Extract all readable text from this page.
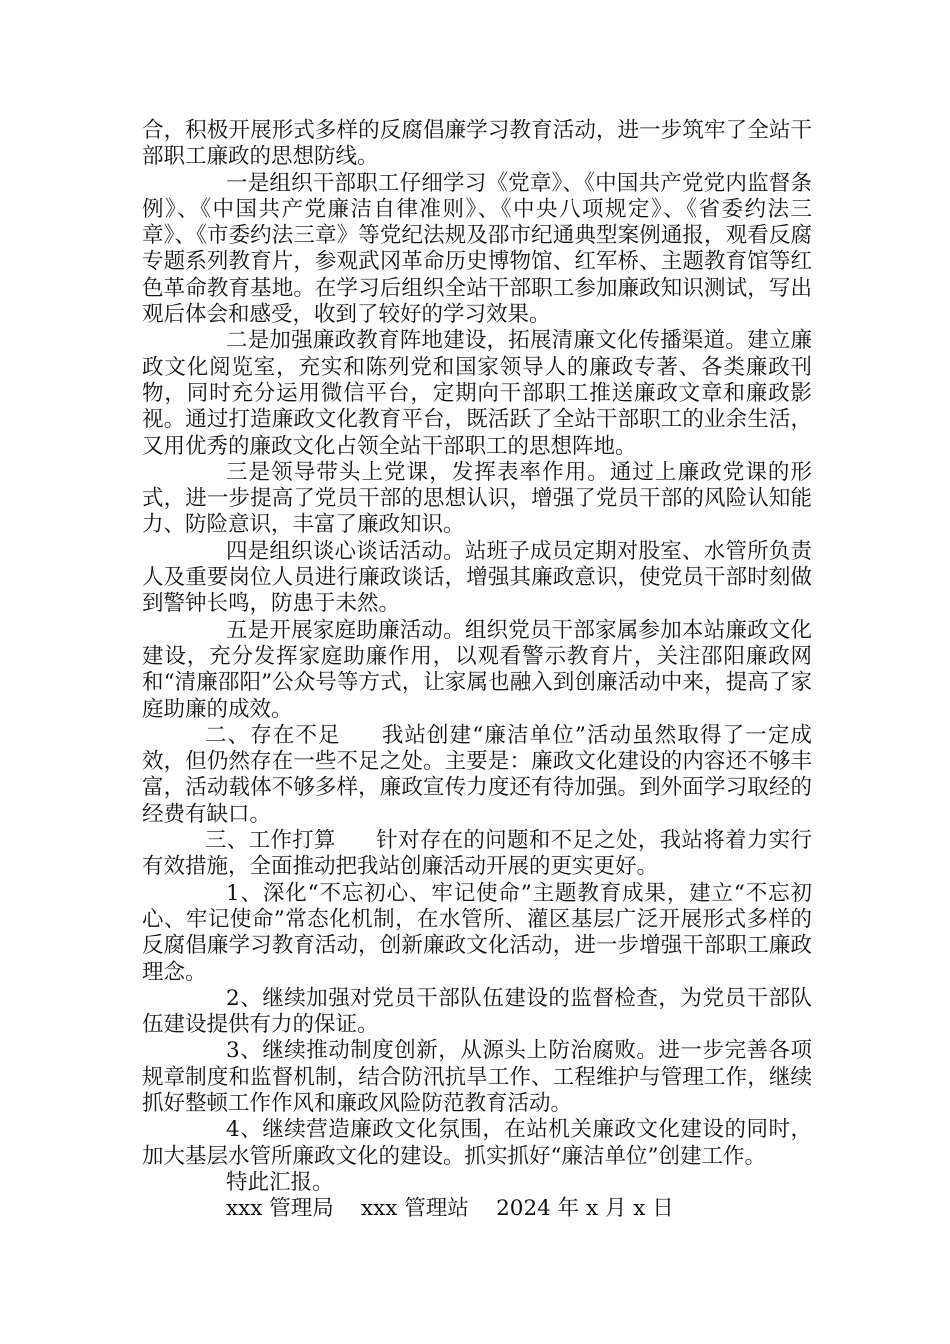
合，积极开展形式多样的反腐倡廉学习教育活动，进一步筑牢了全站干部职工廉政的思想防线。

一是组织干部职工仔细学习《党章》、《中国共产党党内监督条例》、《中国共产党廉洁自律准则》、《中央八项规定》、《省委约法三章》、《市委约法三章》等党纪法规及邵市纪通典型案例通报，观看反腐专题系列教育片，参观武冈革命历史博物馆、红军桥、主题教育馆等红色革命教育基地。在学习后组织全站干部职工参加廉政知识测试，写出观后体会和感受，收到了较好的学习效果。

二是加强廉政教育阵地建设，拓展清廉文化传播渠道。建立廉政文化阅览室，充实和陈列党和国家领导人的廉政专著、各类廉政刊物，同时充分运用微信平台，定期向干部职工推送廉政文章和廉政影视。通过打造廉政文化教育平台，既活跃了全站干部职工的业余生活，又用优秀的廉政文化占领全站干部职工的思想阵地。

三是领导带头上党课，发挥表率作用。通过上廉政党课的形式，进一步提高了党员干部的思想认识，增强了党员干部的风险认知能力、防险意识，丰富了廉政知识。

四是组织谈心谈话活动。站班子成员定期对股室、水管所负责人及重要岗位人员进行廉政谈话，增强其廉政意识，使党员干部时刻做到警钟长鸣，防患于未然。

五是开展家庭助廉活动。组织党员干部家属参加本站廉政文化建设，充分发挥家庭助廉作用，以观看警示教育片，关注邵阳廉政网和“清廉邵阳”公众号等方式，让家属也融入到创廉活动中来，提高了家庭助廉的成效。

二、存在不足 我站创建“廉洁单位”活动虽然取得了一定成效，但仍然存在一些不足之处。主要是：廉政文化建设的内容还不够丰富，活动载体不够多样，廉政宣传力度还有待加强。到外面学习取经的经费有缺口。

三、工作打算 针对存在的问题和不足之处，我站将着力实行有效措施，全面推动把我站创廉活动开展的更实更好。

1、深化“不忘初心、牢记使命”主题教育成果，建立“不忘初心、牢记使命”常态化机制，在水管所、灌区基层广泛开展形式多样的反腐倡廉学习教育活动，创新廉政文化活动，进一步增强干部职工廉政理念。

2、继续加强对党员干部队伍建设的监督检查，为党员干部队伍建设提供有力的保证。

3、继续推动制度创新，从源头上防治腐败。进一步完善各项规章制度和监督机制，结合防汛抗旱工作、工程维护与管理工作，继续抓好整顿工作作风和廉政风险防范教育活动。

4、继续营造廉政文化氛围，在站机关廉政文化建设的同时，加大基层水管所廉政文化的建设。抓实抓好“廉洁单位”创建工作。

特此汇报。

xxx 管理局    xxx 管理站    2024 年 x 月 x 日
